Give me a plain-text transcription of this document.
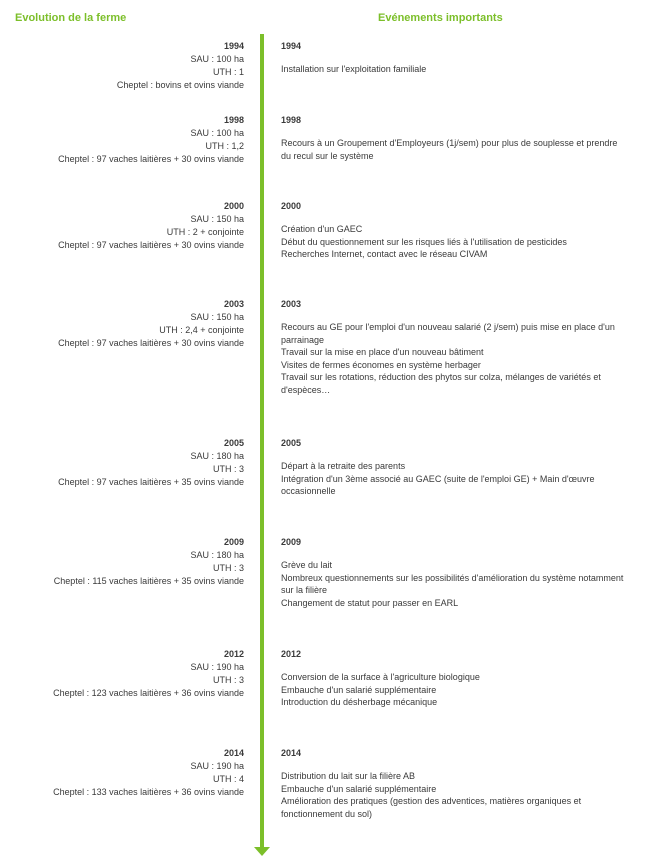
Evolution de la ferme	Evénements importants
1994
SAU : 100 ha
UTH : 1
Cheptel : bovins et ovins viande
1994
Installation sur l'exploitation familiale
1998
SAU : 100 ha
UTH : 1,2
Cheptel : 97 vaches laitières + 30 ovins viande
1998
Recours à un Groupement d'Employeurs (1j/sem) pour plus de souplesse et prendre du recul sur le système
2000
SAU : 150 ha
UTH : 2 + conjointe
Cheptel : 97 vaches laitières + 30 ovins viande
2000
Création d'un GAEC
Début du questionnement sur les risques liés à l'utilisation de pesticides
Recherches Internet, contact avec le réseau CIVAM
2003
SAU : 150 ha
UTH : 2,4 + conjointe
Cheptel : 97 vaches laitières + 30 ovins viande
2003
Recours au GE pour l'emploi d'un nouveau salarié (2 j/sem) puis mise en place d'un parrainage
Travail sur la mise en place d'un nouveau bâtiment
Visites de fermes économes en système herbager
Travail sur les rotations, réduction des phytos sur colza, mélanges de variétés et d'espèces…
2005
SAU : 180 ha
UTH : 3
Cheptel : 97 vaches laitières + 35 ovins viande
2005
Départ à la retraite des parents
Intégration d'un 3ème associé au GAEC (suite de l'emploi GE) + Main d'œuvre occasionnelle
2009
SAU : 180 ha
UTH : 3
Cheptel : 115 vaches laitières + 35 ovins viande
2009
Grève du lait
Nombreux questionnements sur les possibilités d'amélioration du système notamment sur la filière
Changement de statut pour passer en EARL
2012
SAU : 190 ha
UTH : 3
Cheptel : 123 vaches laitières + 36 ovins viande
2012
Conversion de la surface à l'agriculture biologique
Embauche d'un salarié supplémentaire
Introduction du désherbage mécanique
2014
SAU : 190 ha
UTH : 4
Cheptel : 133 vaches laitières + 36 ovins viande
2014
Distribution du lait sur la filière AB
Embauche d'un salarié supplémentaire
Amélioration des pratiques (gestion des adventices, matières organiques et fonctionnement du sol)
